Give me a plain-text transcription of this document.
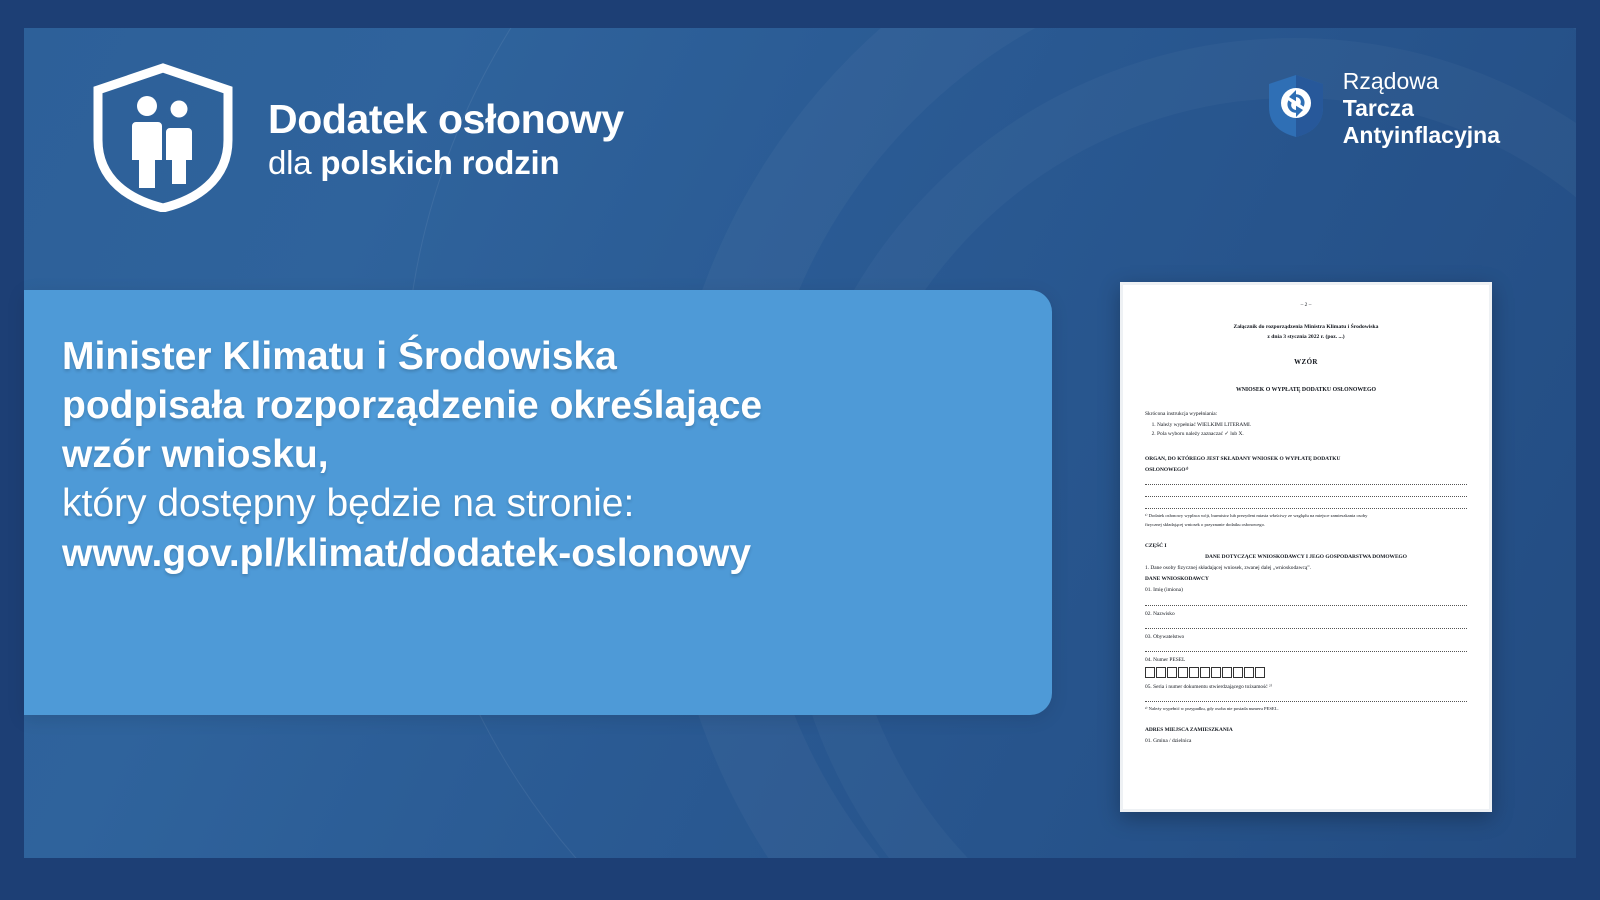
Dodatek osłonowy
dla polskich rodzin
Rządowa
Tarcza
Antyinflacyjna
Minister Klimatu i Środowiska
podpisała rozporządzenie określające
wzór wniosku,
który dostępny będzie na stronie:
www.gov.pl/klimat/dodatek-oslonowy
– 2 –
Załącznik do rozporządzenia Ministra Klimatu i Środowiska
z dnia 3 stycznia 2022 r. (poz. ...)
WZÓR
WNIOSEK O WYPŁATĘ DODATKU OSŁONOWEGO

Skrócona instrukcja wypełniania:

1. Należy wypełniać WIELKIMI LITERAMI.
2. Pola wyboru należy zaznaczać ✓ lub X.

ORGAN, DO KTÓREGO JEST SKŁADANY WNIOSEK O WYPŁATĘ DODATKU

OSŁONOWEGO¹⁾

¹⁾ Dodatek osłonowy wypłaca wójt, burmistrz lub prezydent miasta właściwy ze względu na miejsce zamieszkania osoby

fizycznej składającej wniosek o przyznanie dodatku osłonowego.

CZĘŚĆ I

DANE DOTYCZĄCE WNIOSKODAWCY I JEGO GOSPODARSTWA DOMOWEGO

1. Dane osoby fizycznej składającej wniosek, zwanej dalej „wnioskodawcą”.

DANE WNIOSKODAWCY

01. Imię (imiona)

02. Nazwisko

03. Obywatelstwo

04. Numer PESEL

05. Seria i numer dokumentu stwierdzającego tożsamość ²⁾

²⁾ Należy wypełnić w przypadku, gdy osoba nie posiada numeru PESEL.

ADRES MIEJSCA ZAMIESZKANIA

01. Gmina / dzielnica
